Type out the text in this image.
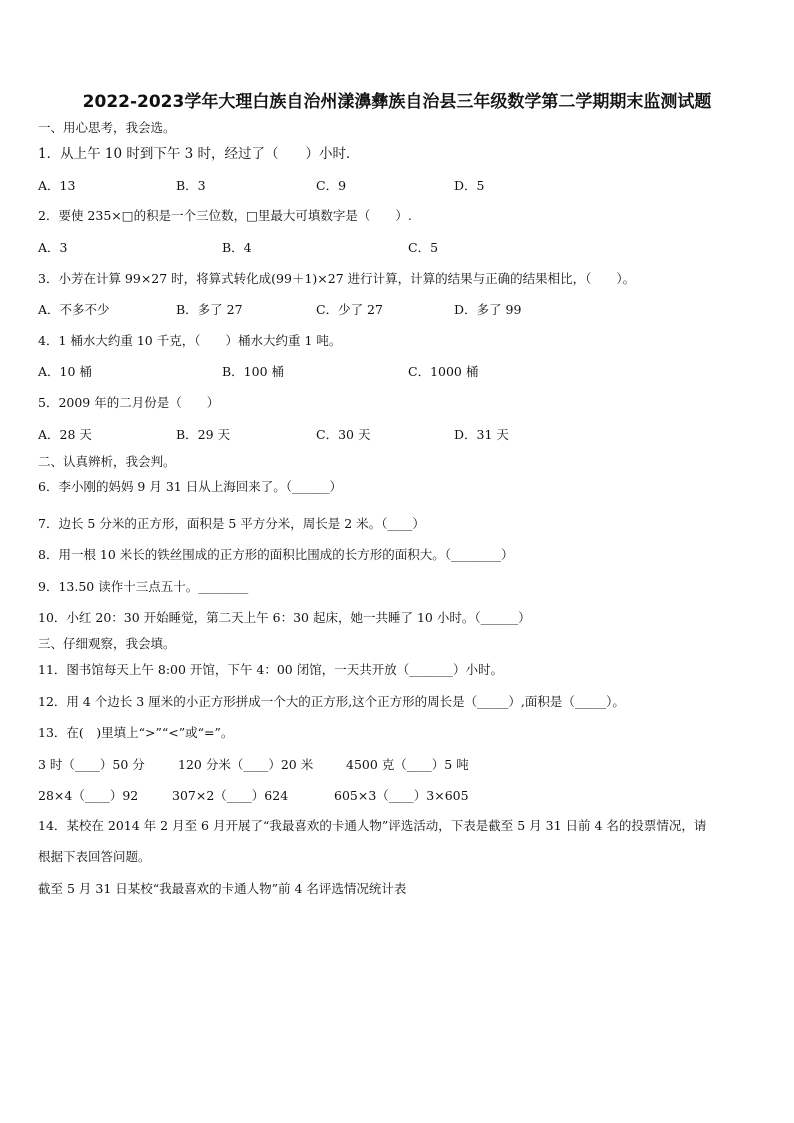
2022-2023学年大理白族自治州漾濞彝族自治县三年级数学第二学期期末监测试题
一、用心思考，我会选。
1．从上午 10 时到下午 3 时，经过了（　　）小时．
A．13	B．3	C．9	D．5
2．要使 235×□的积是一个三位数，□里最大可填数字是（　　）.
A．3	B．4	C．5
3．小芳在计算 99×27 时，将算式转化成(99＋1)×27 进行计算，计算的结果与正确的结果相比，（　　）。
A．不多不少	B．多了 27	C．少了 27	D．多了 99
4．1 桶水大约重 10 千克，（　　）桶水大约重 1 吨。
A．10 桶	B．100 桶	C．1000 桶
5．2009 年的二月份是（　　）
A．28 天	B．29 天	C．30 天	D．31 天
二、认真辨析，我会判。
6．李小刚的妈妈 9 月 31 日从上海回来了。（______）
7．边长 5 分米的正方形，面积是 5 平方分米，周长是 2 米。（____）
8．用一根 10 米长的铁丝围成的正方形的面积比围成的长方形的面积大。（________）
9．13.50 读作十三点五十。________
10．小红 20：30 开始睡觉，第二天上午 6：30 起床，她一共睡了 10 小时。（______）
三、仔细观察，我会填。
11．图书馆每天上午 8:00 开馆，下午 4：00 闭馆，一天共开放（_______）小时。
12．用 4 个边长 3 厘米的小正方形拼成一个大的正方形,这个正方形的周长是（_____）,面积是（_____）。
13．在(　)里填上“>”“<”或“=”。
3 时（____）50 分	120 分米（____）20 米	4500 克（____）5 吨
28×4（____）92	307×2（____）624	605×3（____）3×605
14．某校在 2014 年 2 月至 6 月开展了“我最喜欢的卡通人物”评选活动，下表是截至 5 月 31 日前 4 名的投票情况，请
根据下表回答问题。
截至 5 月 31 日某校“我最喜欢的卡通人物”前 4 名评选情况统计表
